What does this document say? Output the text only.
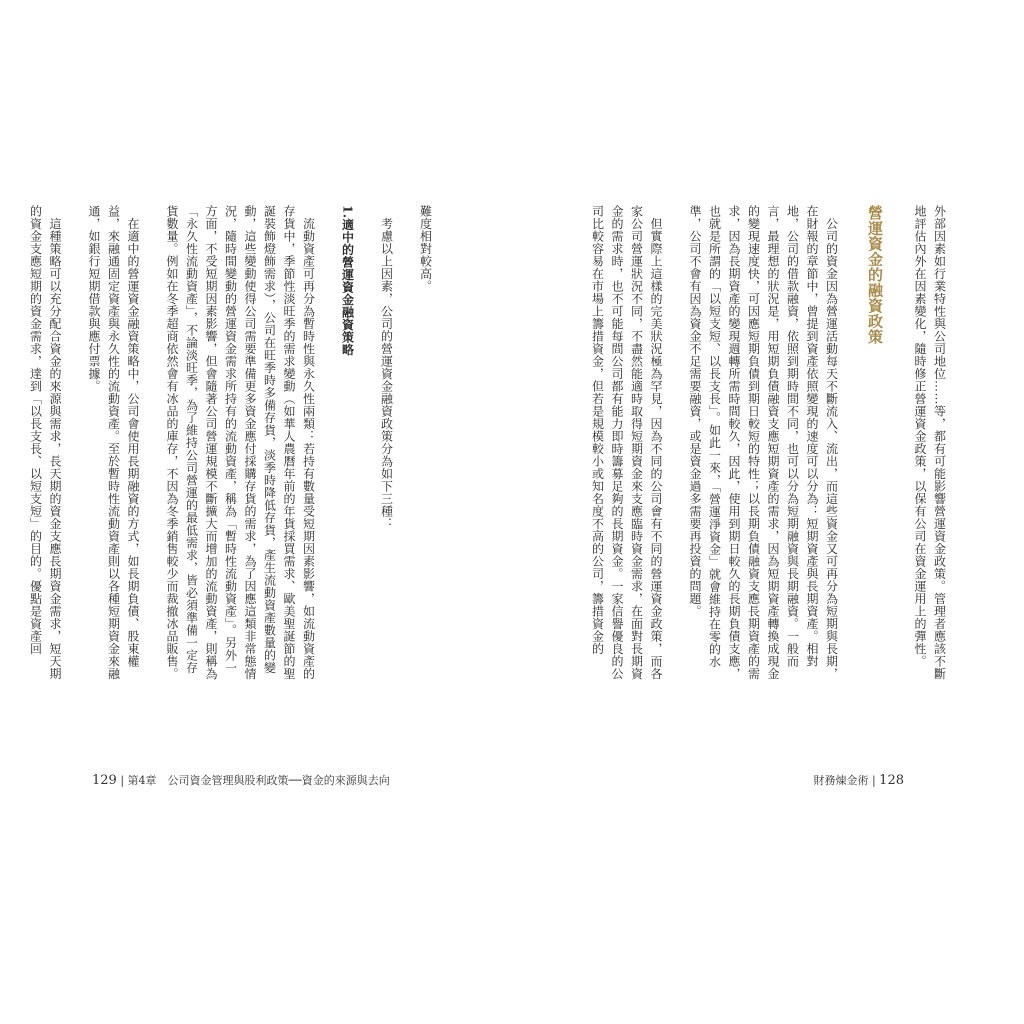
外部因素如行業特性與公司地位……等，都有可能影響營運資金政策。管理者應該不斷地評估內外在因素變化，隨時修正營運資金政策，以保有公司在資金運用上的彈性。

營運資金的融資政策

　公司的資金因為營運活動每天不斷流入、流出，而這些資金又可再分為短期與長期，在財報的章節中，曾提到資產依照變現的速度可以分為：短期資產與長期資產。相對地，公司的借款融資，依照到期時間不同，也可以分為短期融資與長期融資。一般而言，最理想的狀況是，用短期負債融資支應短期資產的需求，因為短期資產轉換成現金的變現速度快，可因應短期負債到期日較短的特性；以長期負債融資支應長期資產的需求，因為長期資產的變現週轉所需時間較久，因此，使用到期日較久的長期負債支應，也就是所謂的「以短支短、以長支長」。如此一來，「營運淨資金」就會維持在零的水準，公司不會有因為資金不足需要融資，或是資金過多需要再投資的問題。

　但實際上這樣的完美狀況極為罕見，因為不同的公司會有不同的營運資金政策，而各家公司營運狀況不同，不盡然能適時取得短期資金來支應臨時資金需求，在面對長期資金的需求時，也不可能每間公司都有能力即時籌募足夠的長期資金。一家信譽優良的公司比較容易在市場上籌措資金，但若是規模較小或知名度不高的公司，籌措資金的

難度相對較高。

　考慮以上因素，公司的營運資金融資政策分為如下三種：

1.適中的營運資金融資策略

　流動資產可再分為暫時性與永久性兩類：若持有數量受短期因素影響，如流動資產的存貨中，季節性淡旺季的需求變動（如華人農曆年前的年貨採買需求、歐美聖誕節的聖誕裝飾燈飾需求），公司在旺季時多備存貨，淡季時降低存貨，產生流動資產數量的變動，這些變動使得公司需要準備更多資金應付採購存貨的需求，為了因應這類非常態情況，隨時間變動的營運資金需求所持有的流動資產，稱為「暫時性流動資產」。另外一方面，不受短期因素影響，但會隨著公司營運規模不斷擴大而增加的流動資產，則稱為「永久性流動資產」，不論淡旺季，為了維持公司營運的最低需求，皆必須準備一定存貨數量。例如在冬季超商依然會有冰品的庫存，不因為冬季銷售較少而裁撤冰品販售。

　在適中的營運資金融資策略中，公司會使用長期融資的方式，如長期負債、股東權益，來融通固定資產與永久性的流動資產。至於暫時性流動資產則以各種短期資金來融通，如銀行短期借款與應付票據。

　這種策略可以充分配合資金的來源與需求，長天期的資金支應長期資金需求，短天期的資金支應短期的資金需求，達到「以長支長、以短支短」的目的。優點是資產回

129 | 第4章　公司資金管理與股利政策──資金的來源與去向	財務煉金術 | 128
